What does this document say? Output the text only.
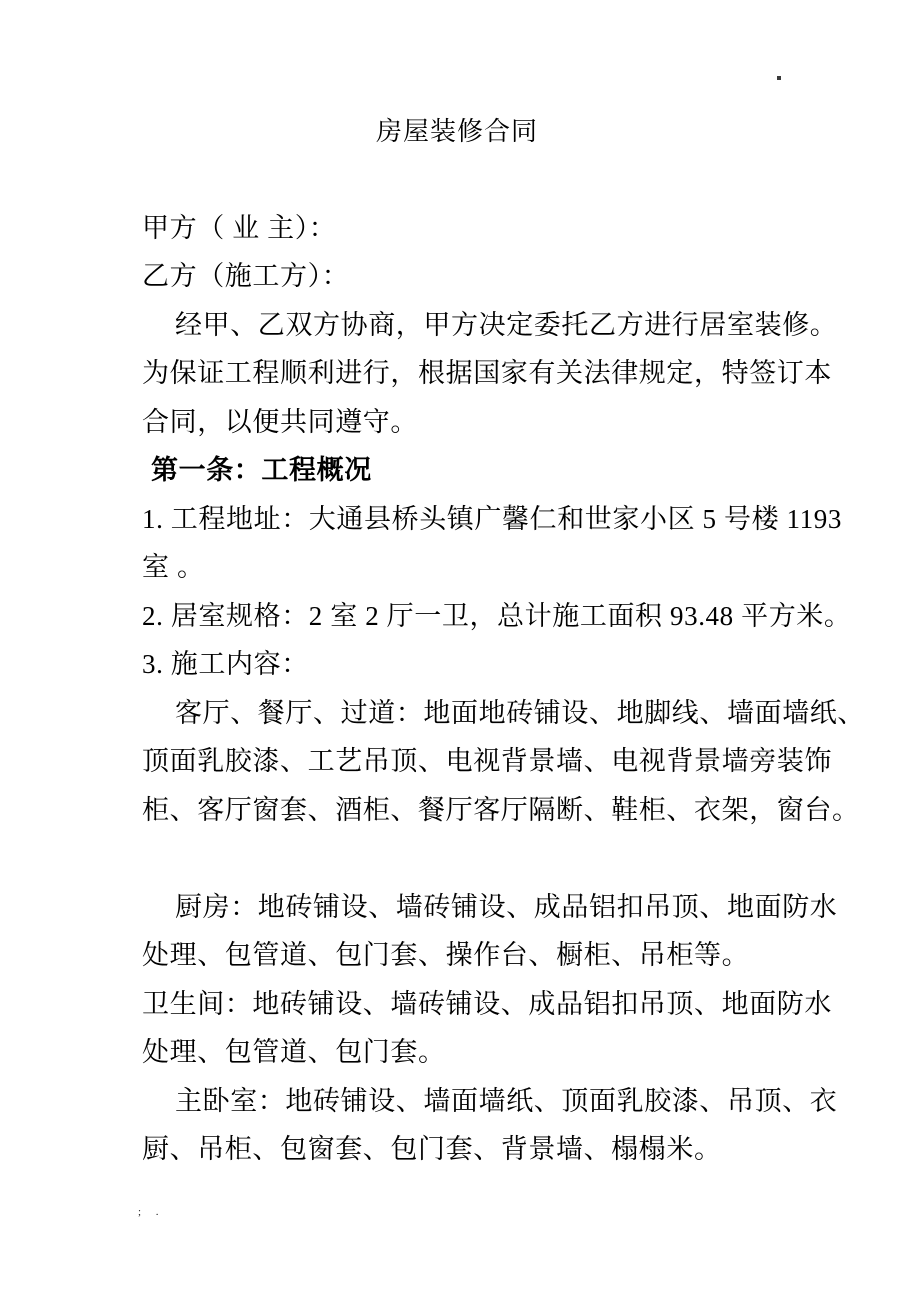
房屋装修合同
甲方（ 业 主）：
乙方（施工方）：
经甲、乙双方协商，甲方决定委托乙方进行居室装修。
为保证工程顺利进行，根据国家有关法律规定，特签订本
合同，以便共同遵守。
第一条：工程概况
1. 工程地址：大通县桥头镇广馨仁和世家小区 5 号楼 1193
室 。
2. 居室规格：2 室 2 厅一卫，总计施工面积 93.48 平方米。
3. 施工内容：
客厅、餐厅、过道：地面地砖铺设、地脚线、墙面墙纸、
顶面乳胶漆、工艺吊顶、电视背景墙、电视背景墙旁装饰
柜、客厅窗套、酒柜、餐厅客厅隔断、鞋柜、衣架，窗台。
厨房：地砖铺设、墙砖铺设、成品铝扣吊顶、地面防水
处理、包管道、包门套、操作台、橱柜、吊柜等。
卫生间：地砖铺设、墙砖铺设、成品铝扣吊顶、地面防水
处理、包管道、包门套。
主卧室：地砖铺设、墙面墙纸、顶面乳胶漆、吊顶、衣
厨、吊柜、包窗套、包门套、背景墙、榻榻米。
; .
